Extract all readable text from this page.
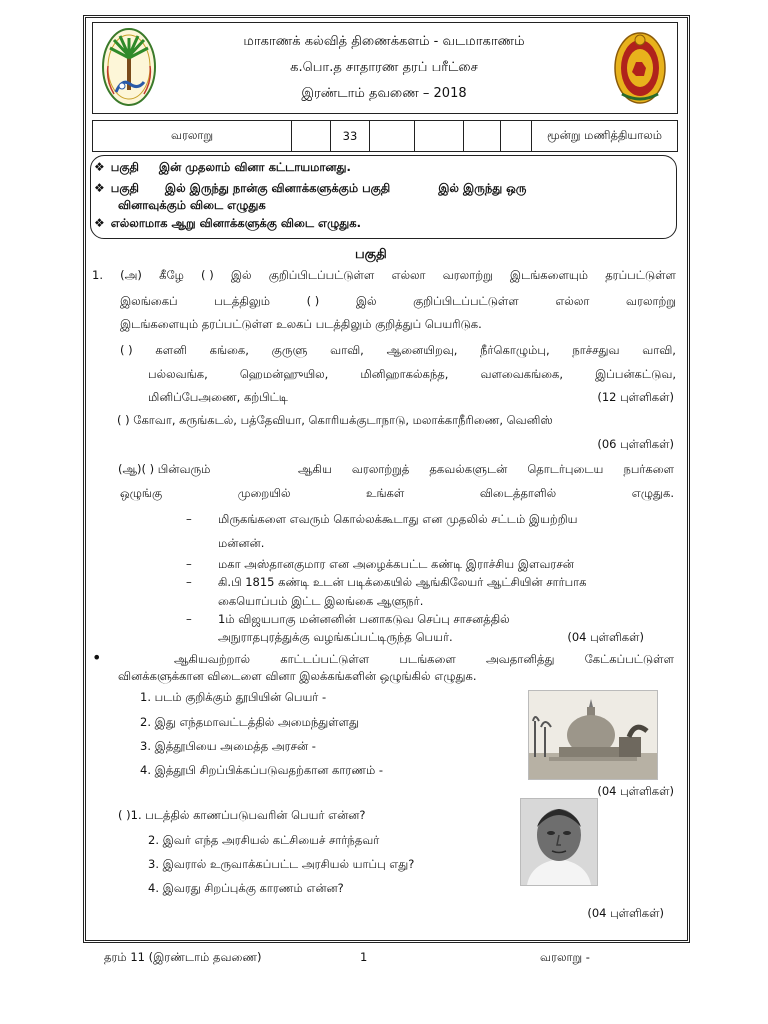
மாகாணக் கல்வித் திணைக்களம் - வடமாகாணம்
க.பொ.த சாதாரண தரப் பரீட்சை
இரண்டாம் தவணை – 2018
வரலாறு	33	மூன்று மணித்தியாலம்
❖ பகுதி இன் முதலாம் வினா கட்டாயமானது.
❖ பகுதி இல் இருந்து நான்கு வினாக்களுக்கும் பகுதி	இல் இருந்து ஒரு
வினாவுக்கும் விடை எழுதுக
❖ எல்லாமாக ஆறு வினாக்களுக்கு விடை எழுதுக.
பகுதி
1. (அ) கீழே ( ) இல் குறிப்பிடப்பட்டுள்ள எல்லா வரலாற்று இடங்களையும் தரப்பட்டுள்ள
இலங்கைப்	படத்திலும்	( )	இல்	குறிப்பிடப்பட்டுள்ள	எல்லா	வரலாற்று
இடங்களையும் தரப்பட்டுள்ள உலகப் படத்திலும் குறித்துப் பெயரிடுக.
( ) களனி கங்கை, குருளு வாவி, ஆனையிறவு, நீர்கொழும்பு, நாச்சதுவ வாவி,
பல்லவங்க,	ஹெமன்ஹுயில,	மினிஹாகல்கந்த,	வளவைகங்கை,	இப்பன்கட்டுவ,
மினிப்பேஅணை, கற்பிட்டி	(12 புள்ளிகள்)
( ) கோவா, கருங்கடல், பத்தேவியா, கொரியக்குடாநாடு, மலாக்காநீரிணை, வெனிஸ்
(06 புள்ளிகள்)
(ஆ)( ) பின்வரும்	ஆகிய வரலாற்றுத் தகவல்களுடன் தொடர்புடைய நபர்களை
ஒழுங்கு	முறையில்	உங்கள்	விடைத்தாளில்	எழுதுக.
– மிருகங்களை எவரும் கொல்லக்கூடாது என முதலில் சட்டம் இயற்றிய
மன்னன்.
– மகா அஸ்தானகுமார என அழைக்கபட்ட கண்டி இராச்சிய இளவரசன்
– கி.பி 1815 கண்டி உடன் படிக்கையில் ஆங்கிலேயர் ஆட்சியின் சார்பாக
கையொப்பம் இட்ட இலங்கை ஆளுநர்.
– 1ம் விஜயபாகு மன்னனின் பனாகடுவ செப்பு சாசனத்தில்
அநுராதபுரத்துக்கு வழங்கப்பட்டிருந்த பெயர்.	(04 புள்ளிகள்)
•	ஆகியவற்றால்	காட்டப்பட்டுள்ள	படங்களை	அவதானித்து	கேட்கப்பட்டுள்ள
வினக்களுக்கான விடைளை வினா இலக்கங்களின் ஒழுங்கில் எழுதுக.
1. படம் குறிக்கும் தூபியின் பெயர் -
2. இது எந்தமாவட்டத்தில் அமைந்துள்ளது
3. இத்தூபியை அமைத்த அரசன் -
4. இத்தூபி சிறப்பிக்கப்படுவதற்கான காரணம் -
(04 புள்ளிகள்)
( )1. படத்தில் காணப்படுபவரின் பெயர் என்ன?
2. இவர் எந்த அரசியல் கட்சியைச் சார்ந்தவர்
3. இவரால் உருவாக்கப்பட்ட அரசியல் யாப்பு எது?
4. இவரது சிறப்புக்கு காரணம் என்ன?
(04 புள்ளிகள்)
தரம் 11 (இரண்டாம் தவணை)	1	வரலாறு -
